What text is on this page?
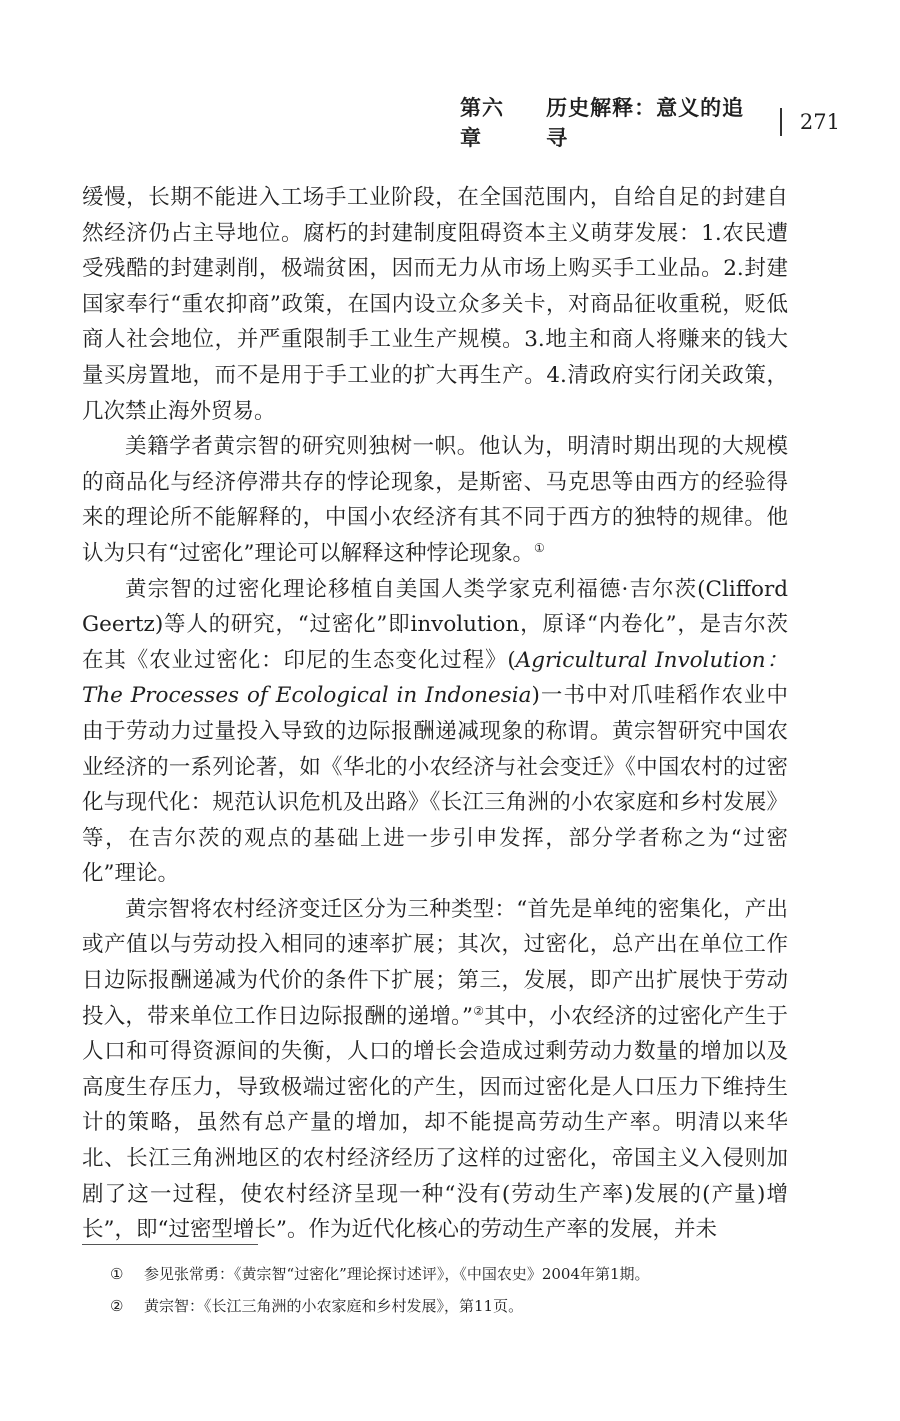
第六章
历史解释：意义的追寻
271

缓慢，长期不能进入工场手工业阶段，在全国范围内，自给自足的封建自然经济仍占主导地位。腐朽的封建制度阻碍资本主义萌芽发展：1.农民遭受残酷的封建剥削，极端贫困，因而无力从市场上购买手工业品。2.封建国家奉行“重农抑商”政策，在国内设立众多关卡，对商品征收重税，贬低商人社会地位，并严重限制手工业生产规模。3.地主和商人将赚来的钱大量买房置地，而不是用于手工业的扩大再生产。4.清政府实行闭关政策，几次禁止海外贸易。

美籍学者黄宗智的研究则独树一帜。他认为，明清时期出现的大规模的商品化与经济停滞共存的悖论现象，是斯密、马克思等由西方的经验得来的理论所不能解释的，中国小农经济有其不同于西方的独特的规律。他认为只有“过密化”理论可以解释这种悖论现象。①

黄宗智的过密化理论移植自美国人类学家克利福德·吉尔茨(Clifford Geertz)等人的研究，“过密化”即involution，原译“内卷化”，是吉尔茨在其《农业过密化：印尼的生态变化过程》(Agricultural Involution：The Processes of Ecological in Indonesia)一书中对爪哇稻作农业中由于劳动力过量投入导致的边际报酬递减现象的称谓。黄宗智研究中国农业经济的一系列论著，如《华北的小农经济与社会变迁》《中国农村的过密化与现代化：规范认识危机及出路》《长江三角洲的小农家庭和乡村发展》等，在吉尔茨的观点的基础上进一步引申发挥，部分学者称之为“过密化”理论。

黄宗智将农村经济变迁区分为三种类型：“首先是单纯的密集化，产出或产值以与劳动投入相同的速率扩展；其次，过密化，总产出在单位工作日边际报酬递减为代价的条件下扩展；第三，发展，即产出扩展快于劳动投入，带来单位工作日边际报酬的递增。”②其中，小农经济的过密化产生于人口和可得资源间的失衡，人口的增长会造成过剩劳动力数量的增加以及高度生存压力，导致极端过密化的产生，因而过密化是人口压力下维持生计的策略，虽然有总产量的增加，却不能提高劳动生产率。明清以来华北、长江三角洲地区的农村经济经历了这样的过密化，帝国主义入侵则加剧了这一过程，使农村经济呈现一种“没有(劳动生产率)发展的(产量)增长”，即“过密型增长”。作为近代化核心的劳动生产率的发展，并未

①	参见张常勇：《黄宗智“过密化”理论探讨述评》，《中国农史》2004年第1期。
②	黄宗智：《长江三角洲的小农家庭和乡村发展》，第11页。
